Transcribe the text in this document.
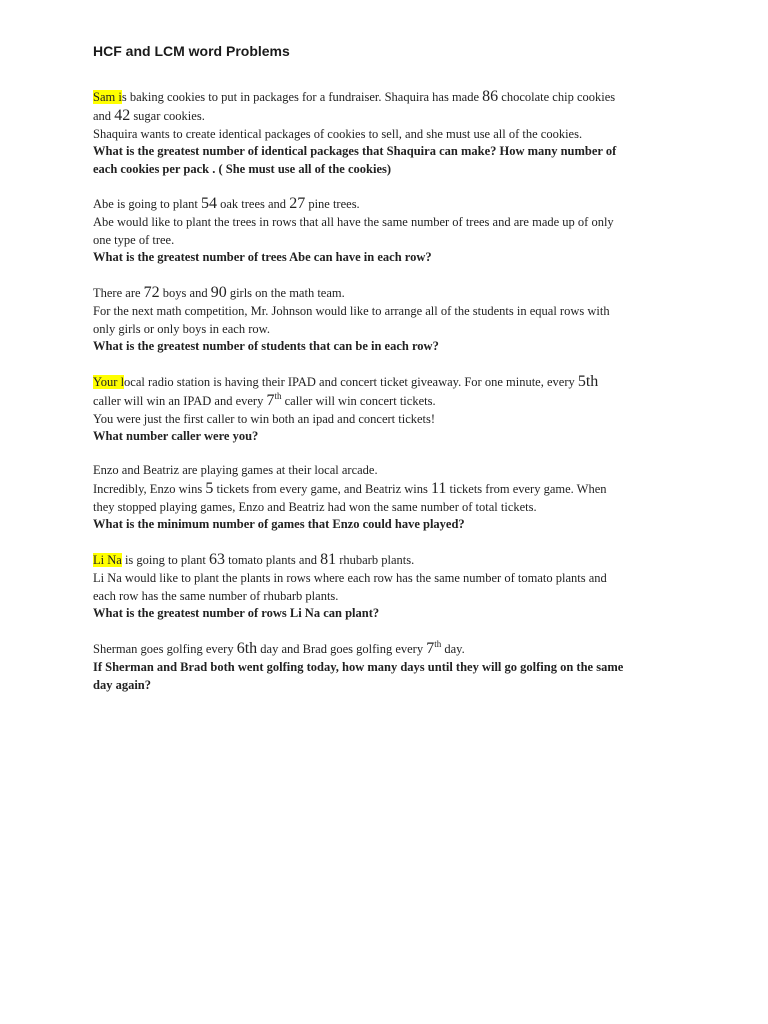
HCF and LCM word Problems
Sam is baking cookies to put in packages for a fundraiser. Shaquira has made 86 chocolate chip cookies
and 42 sugar cookies.
Shaquira wants to create identical packages of cookies to sell, and she must use all of the cookies.
What is the greatest number of identical packages that Shaquira can make? How many number of
each cookies per pack . ( She must use all of the cookies)
Abe is going to plant 54 oak trees and 27 pine trees.
Abe would like to plant the trees in rows that all have the same number of trees and are made up of only
one type of tree.
What is the greatest number of trees Abe can have in each row?
There are 72 boys and 90 girls on the math team.
For the next math competition, Mr. Johnson would like to arrange all of the students in equal rows with
only girls or only boys in each row.
What is the greatest number of students that can be in each row?
Your local radio station is having their IPAD and concert ticket giveaway. For one minute, every 5th
caller will win an IPAD and every 7th caller will win concert tickets.
You were just the first caller to win both an ipad and concert tickets!
What number caller were you?
Enzo and Beatriz are playing games at their local arcade.
Incredibly, Enzo wins 5 tickets from every game, and Beatriz wins 11 tickets from every game. When
they stopped playing games, Enzo and Beatriz had won the same number of total tickets.
What is the minimum number of games that Enzo could have played?
Li Na is going to plant 63 tomato plants and 81 rhubarb plants.
Li Na would like to plant the plants in rows where each row has the same number of tomato plants and
each row has the same number of rhubarb plants.
What is the greatest number of rows Li Na can plant?
Sherman goes golfing every 6th day and Brad goes golfing every 7th day.
If Sherman and Brad both went golfing today, how many days until they will go golfing on the same
day again?
